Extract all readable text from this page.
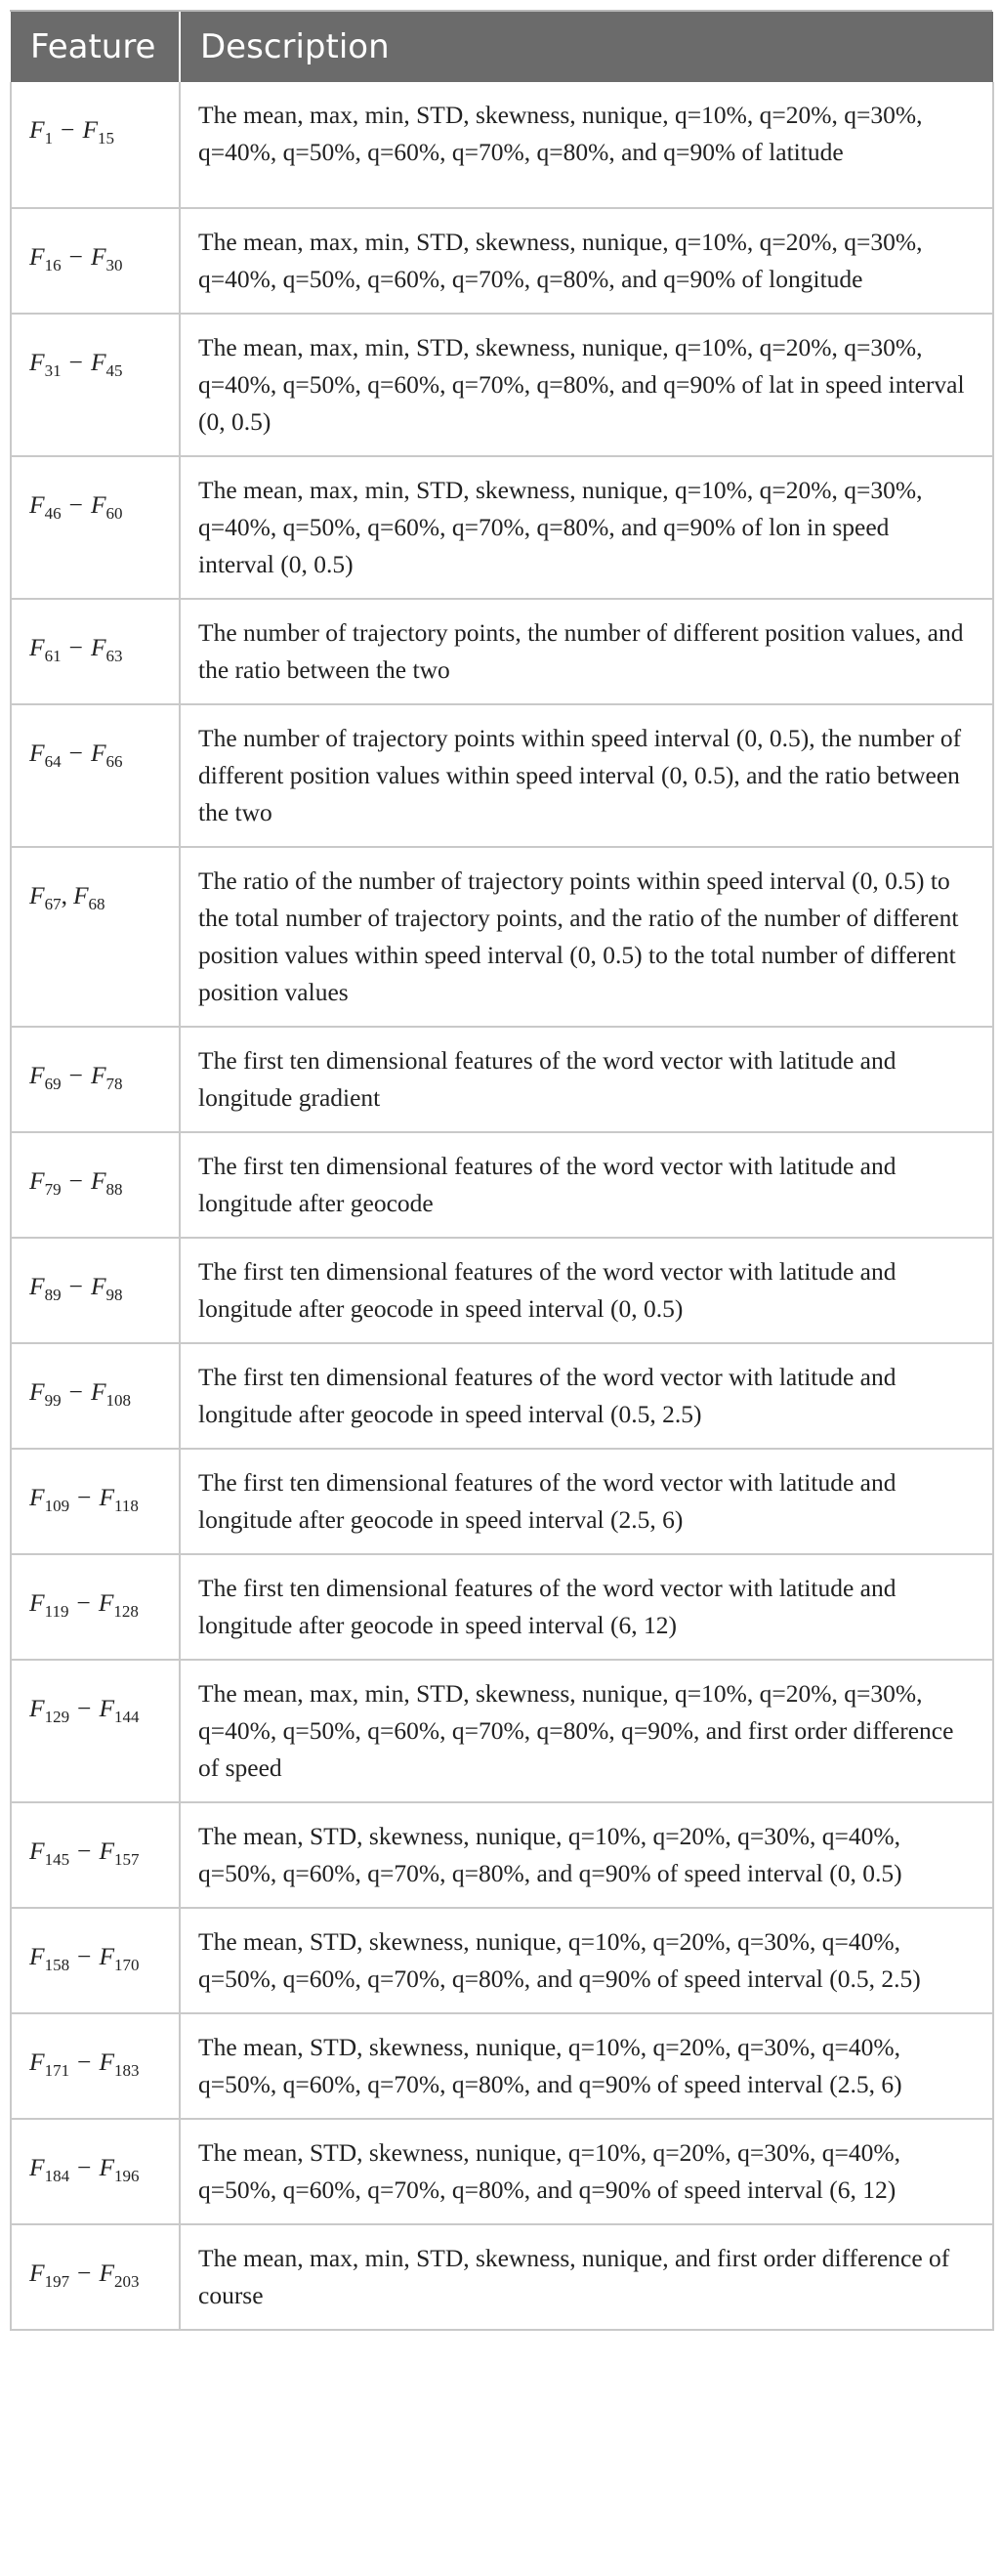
Feature	Description
$F_1 - F_{15}$	The mean, max, min, STD, skewness, nunique, q=10%, q=20%, q=30%, q=40%, q=50%, q=60%, q=70%, q=80%, and q=90% of latitude
$F_{16} - F_{30}$	The mean, max, min, STD, skewness, nunique, q=10%, q=20%, q=30%, q=40%, q=50%, q=60%, q=70%, q=80%, and q=90% of longitude
$F_{31} - F_{45}$	The mean, max, min, STD, skewness, nunique, q=10%, q=20%, q=30%, q=40%, q=50%, q=60%, q=70%, q=80%, and q=90% of lat in speed interval (0, 0.5)
$F_{46} - F_{60}$	The mean, max, min, STD, skewness, nunique, q=10%, q=20%, q=30%, q=40%, q=50%, q=60%, q=70%, q=80%, and q=90% of lon in speed interval (0, 0.5)
$F_{61} - F_{63}$	The number of trajectory points, the number of different position values, and the ratio between the two
$F_{64} - F_{66}$	The number of trajectory points within speed interval (0, 0.5), the number of different position values within speed interval (0, 0.5), and the ratio between the two
$F_{67}$, $F_{68}$	The ratio of the number of trajectory points within speed interval (0, 0.5) to the total number of trajectory points, and the ratio of the number of different position values within speed interval (0, 0.5) to the total number of different position values
$F_{69} - F_{78}$	The first ten dimensional features of the word vector with latitude and longitude gradient
$F_{79} - F_{88}$	The first ten dimensional features of the word vector with latitude and longitude after geocode
$F_{89} - F_{98}$	The first ten dimensional features of the word vector with latitude and longitude after geocode in speed interval (0, 0.5)
$F_{99} - F_{108}$	The first ten dimensional features of the word vector with latitude and longitude after geocode in speed interval (0.5, 2.5)
$F_{109} - F_{118}$	The first ten dimensional features of the word vector with latitude and longitude after geocode in speed interval (2.5, 6)
$F_{119} - F_{128}$	The first ten dimensional features of the word vector with latitude and longitude after geocode in speed interval (6, 12)
$F_{129} - F_{144}$	The mean, max, min, STD, skewness, nunique, q=10%, q=20%, q=30%, q=40%, q=50%, q=60%, q=70%, q=80%, q=90%, and first order difference of speed
$F_{145} - F_{157}$	The mean, STD, skewness, nunique, q=10%, q=20%, q=30%, q=40%, q=50%, q=60%, q=70%, q=80%, and q=90% of speed interval (0, 0.5)
$F_{158} - F_{170}$	The mean, STD, skewness, nunique, q=10%, q=20%, q=30%, q=40%, q=50%, q=60%, q=70%, q=80%, and q=90% of speed interval (0.5, 2.5)
$F_{171} - F_{183}$	The mean, STD, skewness, nunique, q=10%, q=20%, q=30%, q=40%, q=50%, q=60%, q=70%, q=80%, and q=90% of speed interval (2.5, 6)
$F_{184} - F_{196}$	The mean, STD, skewness, nunique, q=10%, q=20%, q=30%, q=40%, q=50%, q=60%, q=70%, q=80%, and q=90% of speed interval (6, 12)
$F_{197} - F_{203}$	The mean, max, min, STD, skewness, nunique, and first order difference of course
